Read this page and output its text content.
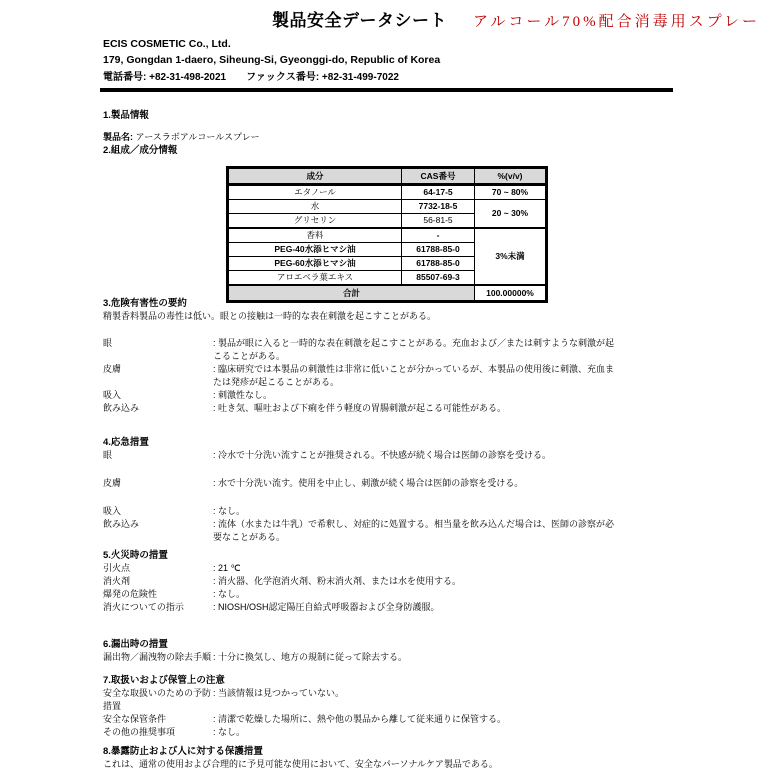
製品安全データシート アルコール70%配合消毒用スプレー
ECIS COSMETIC Co., Ltd.
179, Gongdan 1-daero, Siheung-Si, Gyeonggi-do, Republic of Korea
電話番号: +82-31-498-2021 ファックス番号: +82-31-499-7022
1.製品情報
製品名: アースラボアルコールスプレー
2.組成／成分情報
成分	CAS番号	%(v/v)
エタノール	64-17-5	70 ~ 80%
水	7732-18-5	20 ~ 30%
グリセリン	56-81-5	
香料	-	3%未満
PEG-40水添ヒマシ油	61788-85-0	
PEG-60水添ヒマシ油	61788-85-0	
アロエベラ葉エキス	85507-69-3	
合計		100.00000%
3.危険有害性の要約
精製香料製品の毒性は低い。眼との接触は一時的な表在刺激を起こすことがある。
眼	: 製品が眼に入ると一時的な表在刺激を起こすことがある。充血および／または刺すような刺激が起こることがある。
皮膚	: 臨床研究では本製品の刺激性は非常に低いことが分かっているが、本製品の使用後に刺激、充血または発疹が起こることがある。
吸入	: 刺激性なし。
飲み込み	: 吐き気、嘔吐および下痢を伴う軽度の胃腸刺激が起こる可能性がある。
4.応急措置
眼	: 冷水で十分洗い流すことが推奨される。不快感が続く場合は医師の診察を受ける。
皮膚	: 水で十分洗い流す。使用を中止し、刺激が続く場合は医師の診察を受ける。
吸入	: なし。
飲み込み	: 流体（水または牛乳）で希釈し、対症的に処置する。相当量を飲み込んだ場合は、医師の診察が必要なことがある。
5.火災時の措置
引火点	: 21 ℃
消火剤	: 消火器、化学泡消火剤、粉末消火剤、または水を使用する。
爆発の危険性	: なし。
消火についての指示	: NIOSH/OSH認定陽圧自給式呼吸器および全身防護服。
6.漏出時の措置
漏出物／漏洩物の除去手順 : 十分に換気し、地方の規制に従って除去する。
7.取扱いおよび保管上の注意
安全な取扱いのための予防措置
: 当該情報は見つかっていない。
安全な保管条件	: 清潔で乾燥した場所に、熱や他の製品から離して従来通りに保管する。
その他の推奨事項	: なし。
8.暴露防止および人に対する保護措置
これは、通常の使用および合理的に予見可能な使用において、安全なパーソナルケア製品である。
